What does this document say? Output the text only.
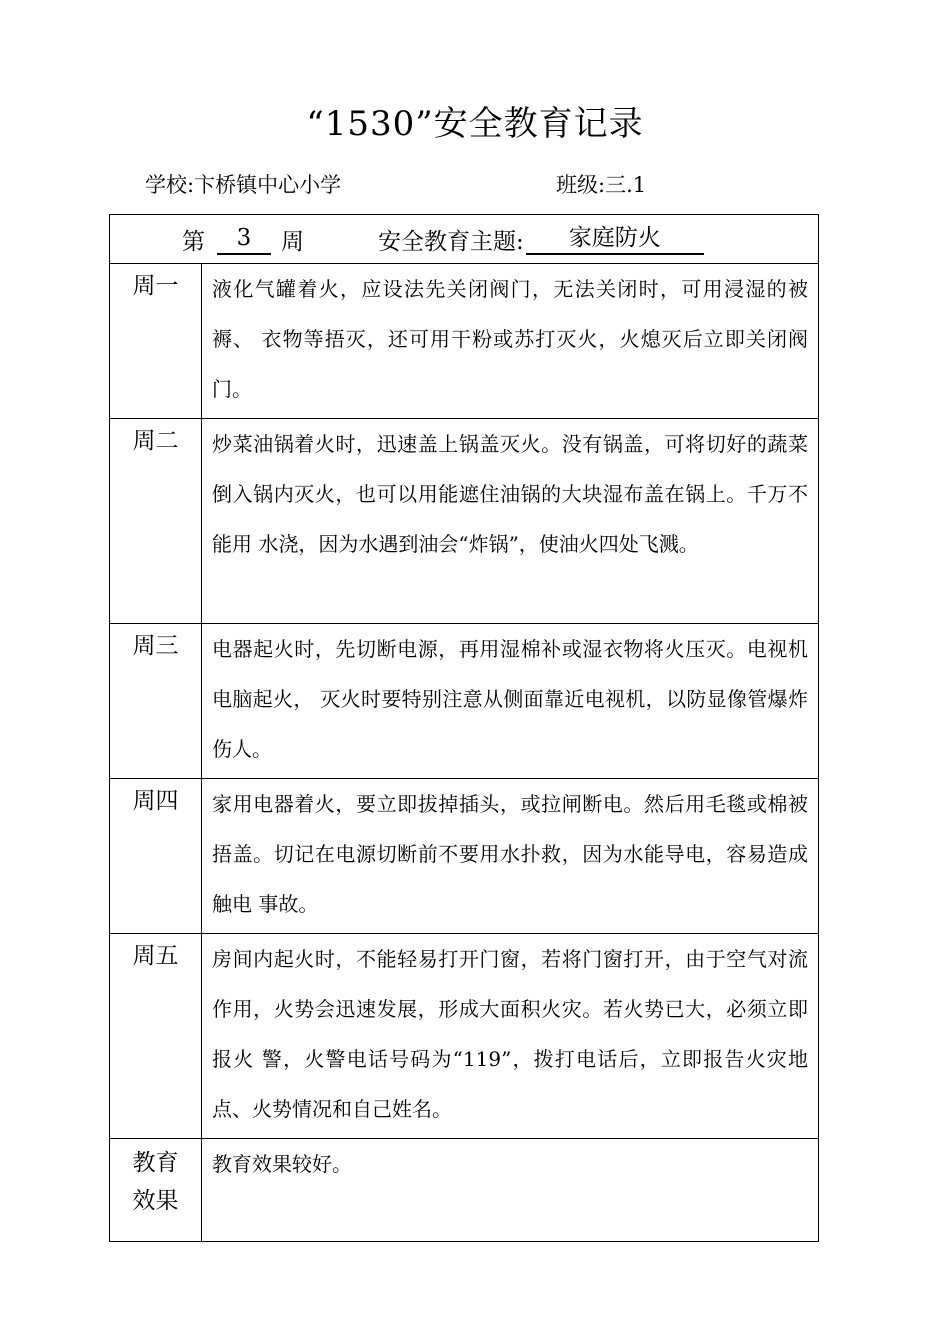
“1530”安全教育记录
学校:卞桥镇中心小学	班级:三.1
第 3 周 安全教育主题: 家庭防火	

周一	液化气罐着火，应设法先关闭阀门，无法关闭时，可用浸湿的被褥、 衣物等捂灭，还可用干粉或苏打灭火，火熄灭后立即关闭阀门。
周二	炒菜油锅着火时，迅速盖上锅盖灭火。没有锅盖，可将切好的蔬菜 倒入锅内灭火，也可以用能遮住油锅的大块湿布盖在锅上。千万不能用 水浇，因为水遇到油会“炸锅”，使油火四处飞溅。
周三	电器起火时，先切断电源，再用湿棉补或湿衣物将火压灭。电视机 电脑起火， 灭火时要特别注意从侧面靠近电视机，以防显像管爆炸伤人。
周四	家用电器着火，要立即拔掉插头，或拉闸断电。然后用毛毯或棉被 捂盖。切记在电源切断前不要用水扑救，因为水能导电，容易造成触电 事故。
周五	房间内起火时，不能轻易打开门窗，若将门窗打开，由于空气对流作用，火势会迅速发展，形成大面积火灾。若火势已大，必须立即报火 警，火警电话号码为“119”，拨打电话后，立即报告火灾地点、火势情况和自己姓名。

教育
效果	教育效果较好。
